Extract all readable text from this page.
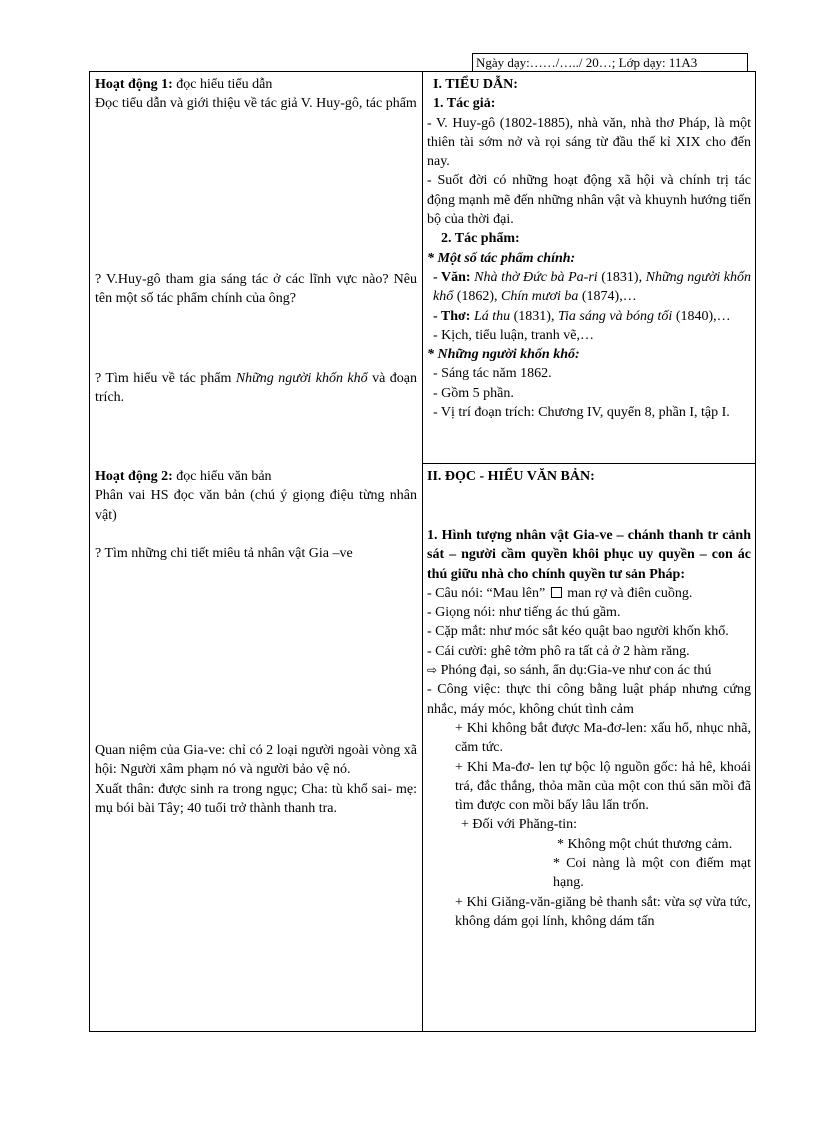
Ngày dạy:……/…../ 20…; Lớp dạy: 11A3

Hoạt động 1: đọc hiểu tiểu dẫn

Đọc tiểu dẫn và giới thiệu về tác giả V. Huy-gô, tác phẩm

? V.Huy-gô tham gia sáng tác ở các lĩnh vực nào? Nêu tên một số tác phẩm chính của ông?

? Tìm hiểu về tác phẩm Những người khốn khổ và đoạn trích.

Hoạt động 2: đọc hiểu văn bản

Phân vai HS đọc văn bản (chú ý giọng điệu từng nhân vật)

? Tìm những chi tiết miêu tả nhân vật Gia –ve

Quan niệm của Gia-ve: chỉ có 2 loại người ngoài vòng xã hội: Người xâm phạm nó và người bảo vệ nó.

Xuất thân: được sinh ra trong ngục; Cha: tù khổ sai- mẹ: mụ bói bài Tây; 40 tuổi trở thành thanh tra.

I. TIỂU DẪN:

1. Tác giả:

- V. Huy-gô (1802-1885), nhà văn, nhà thơ Pháp, là một thiên tài sớm nở và rọi sáng từ đầu thế kỉ XIX cho đến nay.

- Suốt đời có những hoạt động xã hội và chính trị tác động mạnh mẽ đến những nhân vật và khuynh hướng tiến bộ của thời đại.

2. Tác phẩm:

* Một số tác phẩm chính:

- Văn: Nhà thờ Đức bà Pa-ri (1831), Những người khốn khổ (1862), Chín mươi ba (1874),…

- Thơ: Lá thu (1831), Tia sáng và bóng tối (1840),…

- Kịch, tiểu luận, tranh vẽ,…

* Những người khốn khổ:

- Sáng tác năm 1862.

- Gồm 5 phần.

- Vị trí đoạn trích: Chương IV, quyển 8, phần I, tập I.

II. ĐỌC - HIỂU VĂN BẢN:

1. Hình tượng nhân vật Gia-ve – chánh thanh tr cảnh sát – người cầm quyền khôi phục uy quyền – con ác thú giữu nhà cho chính quyền tư sản Pháp:

- Câu nói: “Mau lên”  man rợ và điên cuồng.

- Giọng nói: như tiếng ác thú gầm.

- Cặp mắt: như móc sắt kéo quật bao người khốn khổ.

- Cái cười: ghê tởm phô ra tất cả ở 2 hàm răng.

⇨ Phóng đại, so sánh, ẩn dụ:Gia-ve như con ác thú

- Công việc: thực thi công bằng luật pháp nhưng cứng nhắc, máy móc, không chút tình cảm

+ Khi không bắt được Ma-đơ-len: xấu hổ, nhục nhã, căm tức.

+ Khi Ma-đơ- len tự bộc lộ nguồn gốc: hả hê, khoái trá, đắc thắng, thỏa mãn của một con thú săn mồi đã tìm được con mồi bấy lâu lẩn trốn.

+ Đối với Phăng-tin:

* Không một chút thương cảm.

* Coi nàng là một con điếm mạt hạng.

+ Khi Giăng-văn-giăng bẻ thanh sắt: vừa sợ vừa tức, không dám gọi lính, không dám tấn
